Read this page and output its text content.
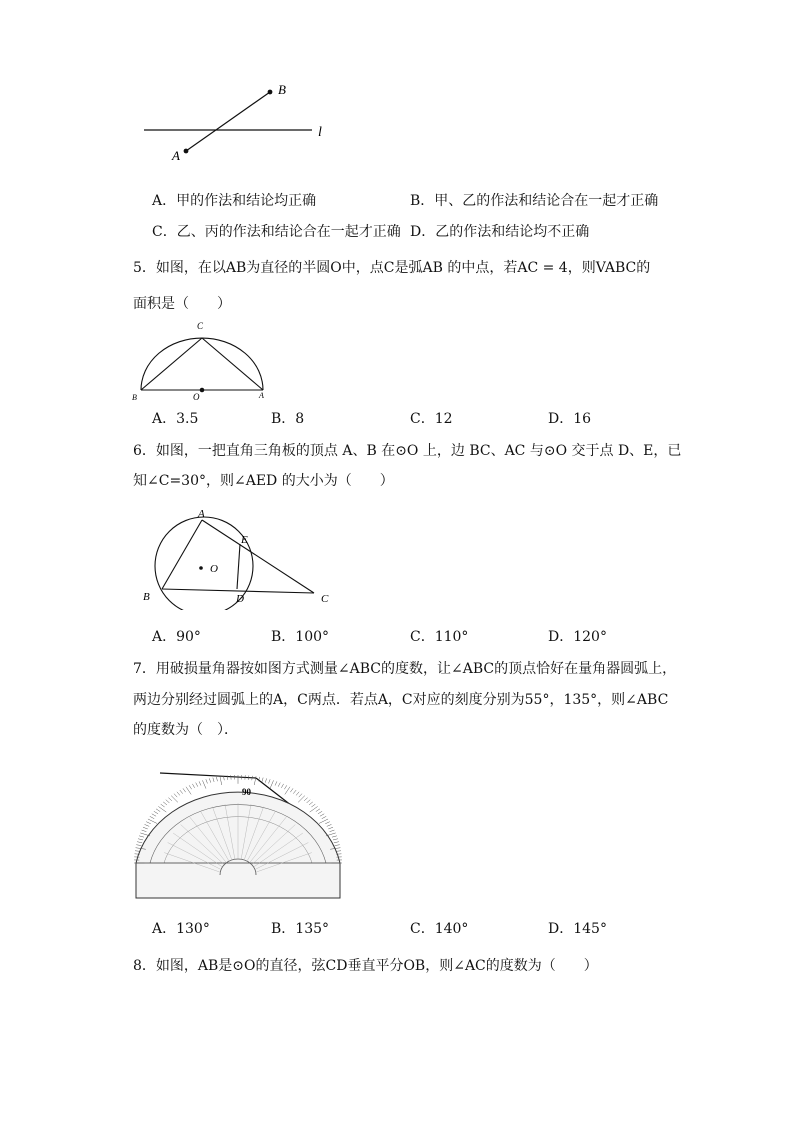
A
B
l
A．甲的作法和结论均正确	B．甲、乙的作法和结论合在一起才正确
C．乙、丙的作法和结论合在一起才正确 D．乙的作法和结论均不正确
5．如图，在以AB为直径的半圆O中，点C是弧AB 的中点，若AC = 4，则VABC的
面积是（　　）
C
O
B	A
A．3.5	B．8	C．12	D．16
6．如图，一把直角三角板的顶点 A、B 在⊙O 上，边 BC、AC 与⊙O 交于点 D、E，已
知∠C=30°，则∠AED 的大小为（　　）
A
E
O
B	D	C
A．90°	B．100°	C．110°	D．120°
7．用破损量角器按如图方式测量∠ABC的度数，让∠ABC的顶点恰好在量角器圆弧上，
两边分别经过圆弧上的A，C两点．若点A，C对应的刻度分别为55°，135°，则∠ABC
的度数为（　）．
90
A．130°	B．135°	C．140°	D．145°
8．如图，AB是⊙O的直径，弦CD垂直平分OB，则∠AC的度数为（　　）
